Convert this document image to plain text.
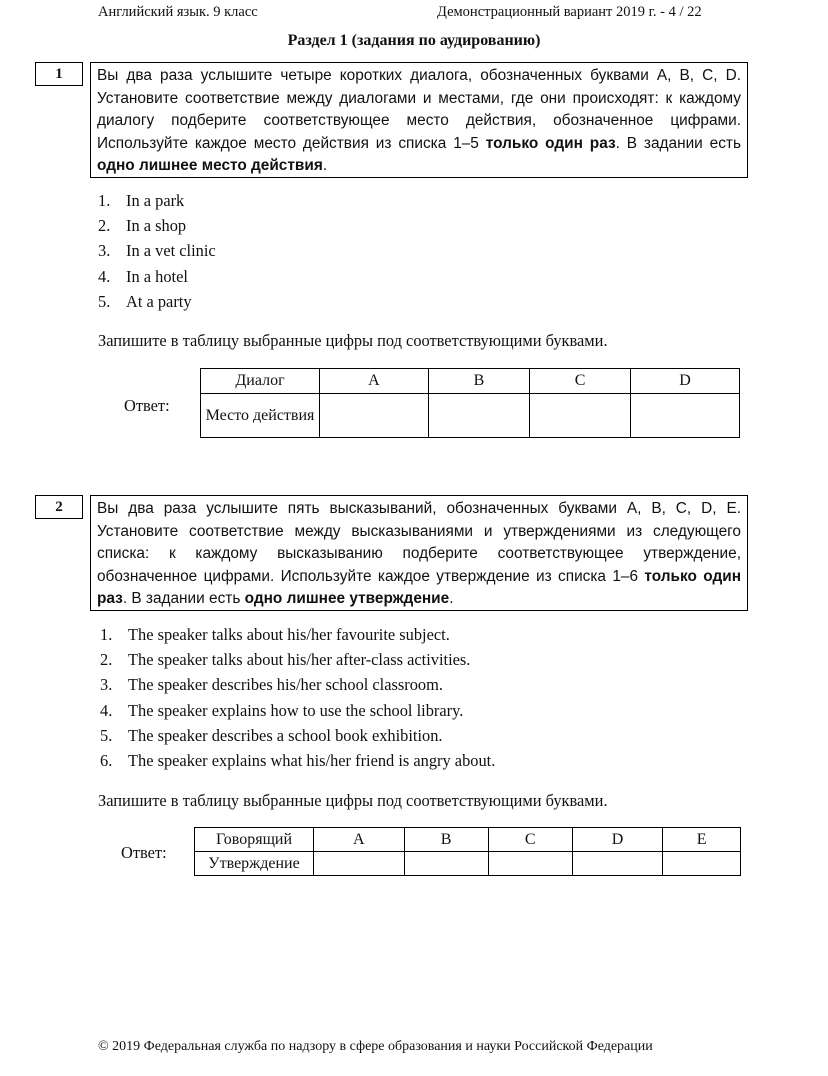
Английский язык. 9 класс	Демонстрационный вариант 2019 г. - 4 / 22
Раздел 1 (задания по аудированию)
1	Вы два раза услышите четыре коротких диалога, обозначенных буквами A, B, C, D. Установите соответствие между диалогами и местами, где они происходят: к каждому диалогу подберите соответствующее место действия, обозначенное цифрами. Используйте каждое место действия из списка 1–5 только один раз. В задании есть одно лишнее место действия.
1. In a park
2. In a shop
3. In a vet clinic
4. In a hotel
5. At a party
Запишите в таблицу выбранные цифры под соответствующими буквами.
Ответ:
Диалог	A	B	C	D
Место действия				
2	Вы два раза услышите пять высказываний, обозначенных буквами A, B, C, D, E. Установите соответствие между высказываниями и утверждениями из следующего списка: к каждому высказыванию подберите соответствующее утверждение, обозначенное цифрами. Используйте каждое утверждение из списка 1–6 только один раз. В задании есть одно лишнее утверждение.
1. The speaker talks about his/her favourite subject.
2. The speaker talks about his/her after-class activities.
3. The speaker describes his/her school classroom.
4. The speaker explains how to use the school library.
5. The speaker describes a school book exhibition.
6. The speaker explains what his/her friend is angry about.
Запишите в таблицу выбранные цифры под соответствующими буквами.
Ответ:
Говорящий	A	B	C	D	E
Утверждение					
© 2019 Федеральная служба по надзору в сфере образования и науки Российской Федерации
